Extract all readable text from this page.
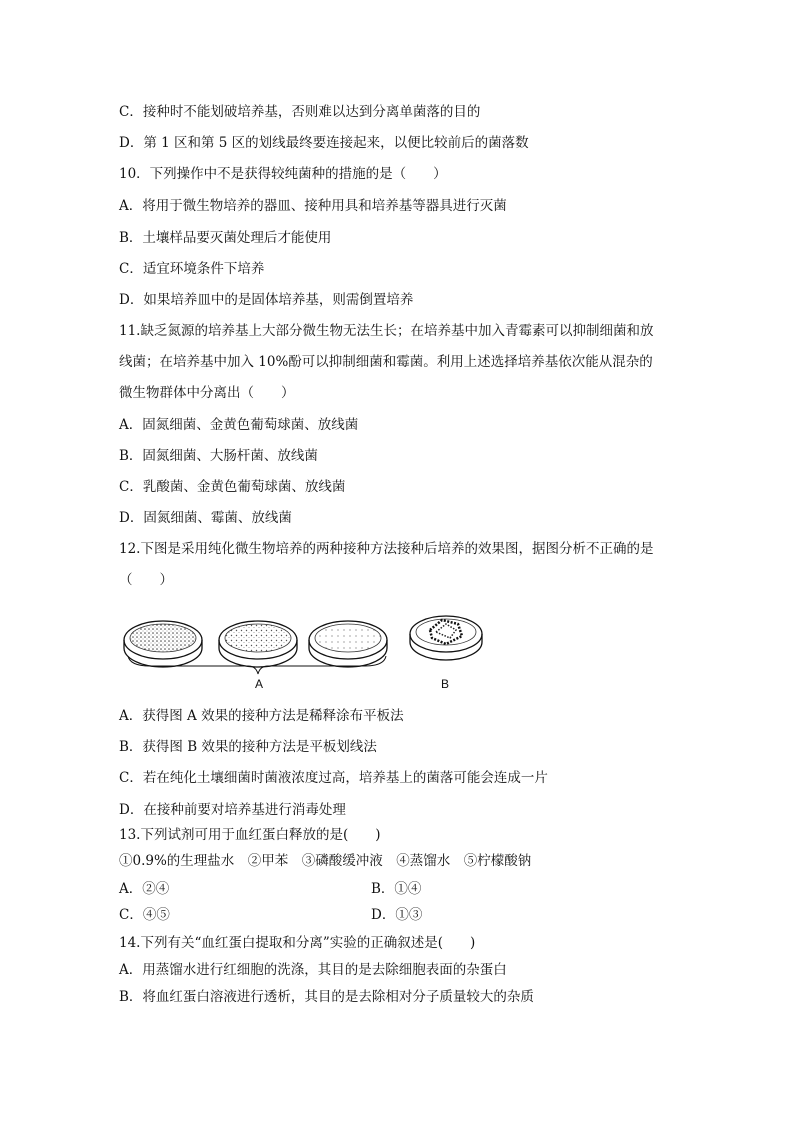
C．接种时不能划破培养基，否则难以达到分离单菌落的目的
D．第 1 区和第 5 区的划线最终要连接起来，以便比较前后的菌落数
10．下列操作中不是获得较纯菌种的措施的是（　　）
A．将用于微生物培养的器皿、接种用具和培养基等器具进行灭菌
B．土壤样品要灭菌处理后才能使用
C．适宜环境条件下培养
D．如果培养皿中的是固体培养基，则需倒置培养
11.缺乏氮源的培养基上大部分微生物无法生长；在培养基中加入青霉素可以抑制细菌和放
线菌；在培养基中加入 10%酚可以抑制细菌和霉菌。利用上述选择培养基依次能从混杂的
微生物群体中分离出（　　）
A．固氮细菌、金黄色葡萄球菌、放线菌
B．固氮细菌、大肠杆菌、放线菌
C．乳酸菌、金黄色葡萄球菌、放线菌
D．固氮细菌、霉菌、放线菌
12.下图是采用纯化微生物培养的两种接种方法接种后培养的效果图，据图分析不正确的是
（　　）
A	B
A．获得图 A 效果的接种方法是稀释涂布平板法
B．获得图 B 效果的接种方法是平板划线法
C．若在纯化土壤细菌时菌液浓度过高，培养基上的菌落可能会连成一片
D．在接种前要对培养基进行消毒处理
13.下列试剂可用于血红蛋白释放的是(　　)
①0.9%的生理盐水　②甲苯　③磷酸缓冲液　④蒸馏水　⑤柠檬酸钠
A．②④	B．①④
C．④⑤	D．①③
14.下列有关“血红蛋白提取和分离”实验的正确叙述是(　　)
A．用蒸馏水进行红细胞的洗涤，其目的是去除细胞表面的杂蛋白
B．将血红蛋白溶液进行透析，其目的是去除相对分子质量较大的杂质
